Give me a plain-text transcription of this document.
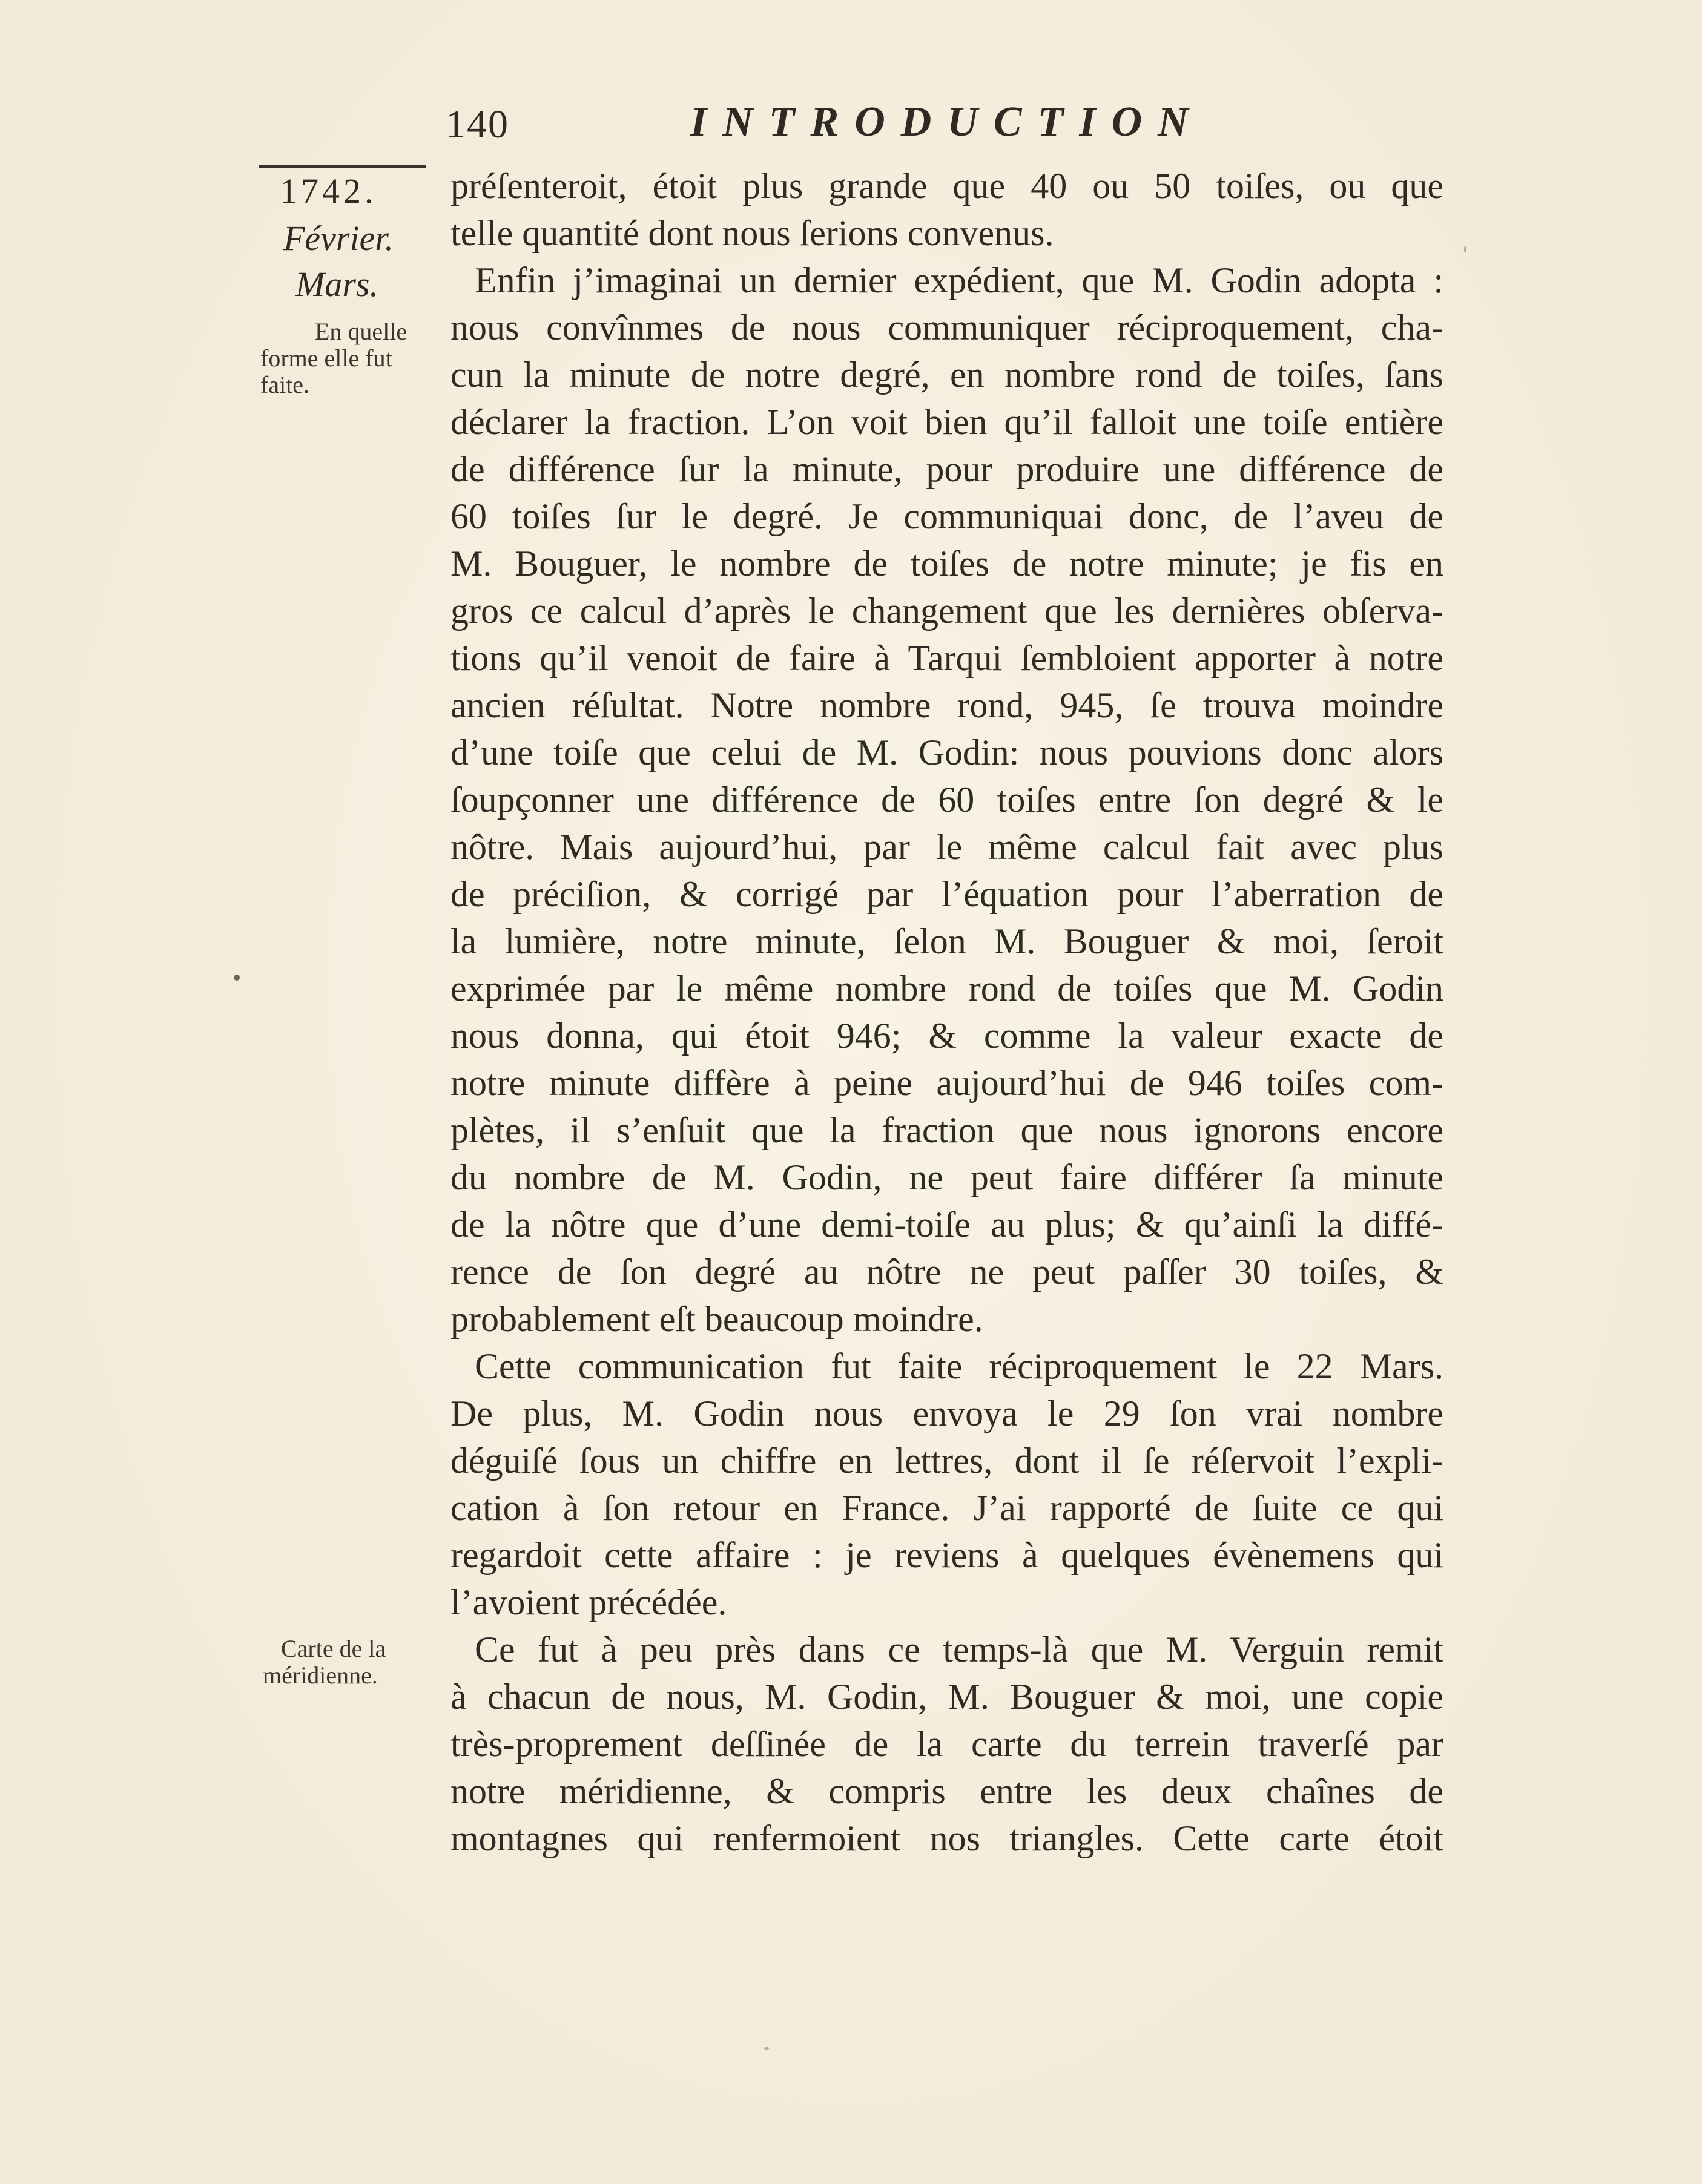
140	INTRODUCTION
1742.
Février.
Mars.
En quelle
forme elle fut
faite.
Carte de la
méridienne.
préſenteroit, étoit plus grande que 40 ou 50 toiſes, ou que
telle quantité dont nous ſerions convenus.
Enfin j’imaginai un dernier expédient, que M. Godin adopta :
nous convînmes de nous communiquer réciproquement, cha-
cun la minute de notre degré, en nombre rond de toiſes, ſans
déclarer la fraction. L’on voit bien qu’il falloit une toiſe entière
de différence ſur la minute, pour produire une différence de
60 toiſes ſur le degré. Je communiquai donc, de l’aveu de
M. Bouguer, le nombre de toiſes de notre minute; je fis en
gros ce calcul d’après le changement que les dernières obſerva-
tions qu’il venoit de faire à Tarqui ſembloient apporter à notre
ancien réſultat. Notre nombre rond, 945, ſe trouva moindre
d’une toiſe que celui de M. Godin: nous pouvions donc alors
ſoupçonner une différence de 60 toiſes entre ſon degré & le
nôtre. Mais aujourd’hui, par le même calcul fait avec plus
de préciſion, & corrigé par l’équation pour l’aberration de
la lumière, notre minute, ſelon M. Bouguer & moi, ſeroit
exprimée par le même nombre rond de toiſes que M. Godin
nous donna, qui étoit 946; & comme la valeur exacte de
notre minute diffère à peine aujourd’hui de 946 toiſes com-
plètes, il s’enſuit que la fraction que nous ignorons encore
du nombre de M. Godin, ne peut faire différer ſa minute
de la nôtre que d’une demi-toiſe au plus; & qu’ainſi la diffé-
rence de ſon degré au nôtre ne peut paſſer 30 toiſes, &
probablement eſt beaucoup moindre.
Cette communication fut faite réciproquement le 22 Mars.
De plus, M. Godin nous envoya le 29 ſon vrai nombre
déguiſé ſous un chiffre en lettres, dont il ſe réſervoit l’expli-
cation à ſon retour en France. J’ai rapporté de ſuite ce qui
regardoit cette affaire : je reviens à quelques évènemens qui
l’avoient précédée.
Ce fut à peu près dans ce temps-là que M. Verguin remit
à chacun de nous, M. Godin, M. Bouguer & moi, une copie
très-proprement deſſinée de la carte du terrein traverſé par
notre méridienne, & compris entre les deux chaînes de
montagnes qui renfermoient nos triangles. Cette carte étoit
